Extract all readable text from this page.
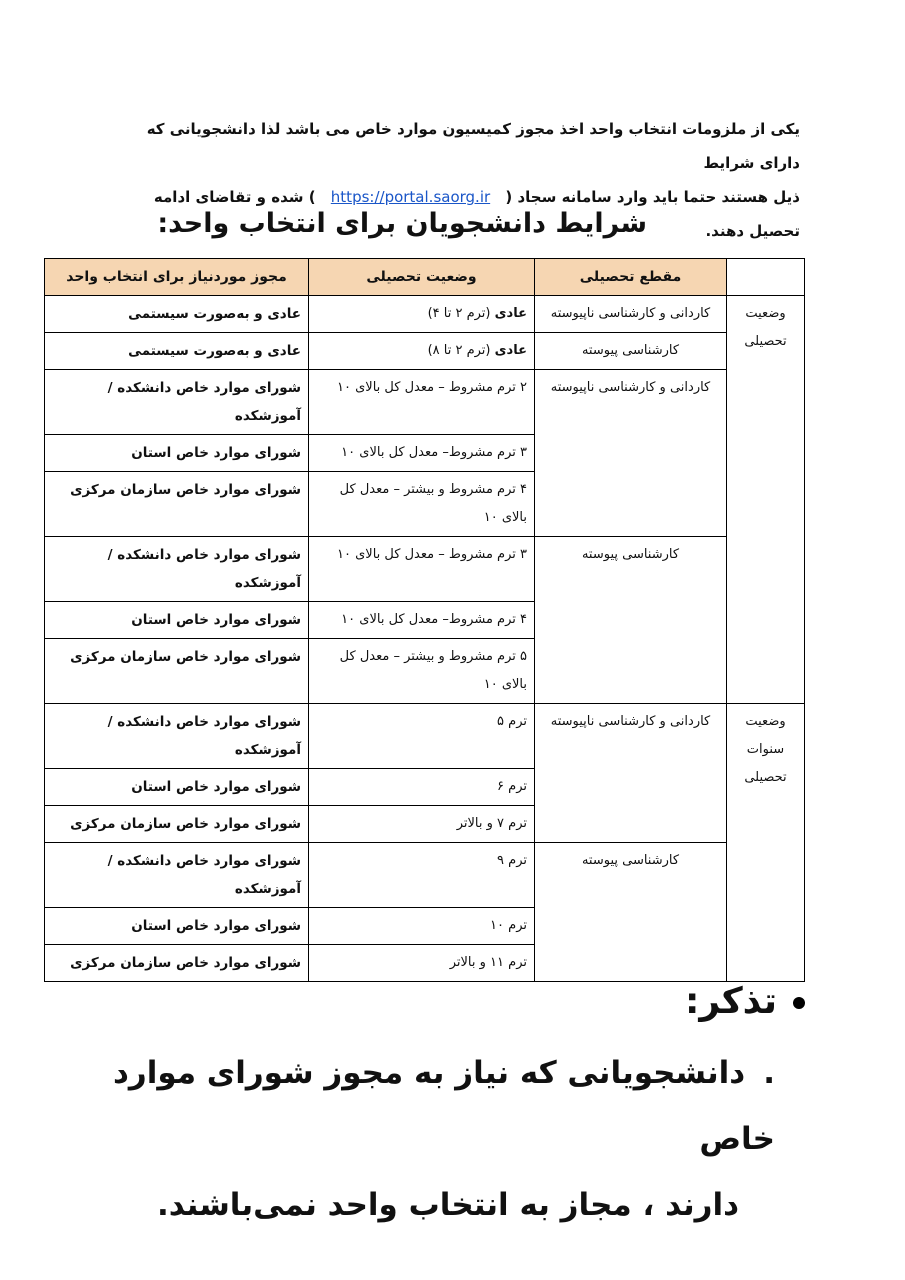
یکی از ملزومات انتخاب واحد اخذ مجوز کمیسیون موارد خاص می باشد لذا دانشجویانی که دارای شرایط

ذیل هستند حتما باید وارد سامانه سجاد ( https://portal.saorg.ir ) شده و تقاضای ادامه تحصیل دهند.

شرایط دانشجویان برای انتخاب واحد:
	مقطع تحصیلی	وضعیت تحصیلی	مجوز موردنیاز برای انتخاب واحد
وضعیت تحصیلی	کاردانی و کارشناسی ناپیوسته	عادی (ترم ۲ تا ۴)	عادی و به‌صورت سیستمی
	کارشناسی پیوسته	عادی (ترم ۲ تا ۸)	عادی و به‌صورت سیستمی
	کاردانی و کارشناسی ناپیوسته	۲ ترم مشروط – معدل کل بالای ۱۰	شورای موارد خاص دانشکده / آموزشکده
		۳ ترم مشروط– معدل کل بالای ۱۰	شورای موارد خاص استان
		۴ ترم مشروط و بیشتر – معدل کل بالای ۱۰	شورای موارد خاص سازمان مرکزی
	کارشناسی پیوسته	۳ ترم مشروط – معدل کل بالای ۱۰	شورای موارد خاص دانشکده / آموزشکده
		۴ ترم مشروط– معدل کل بالای ۱۰	شورای موارد خاص استان
		۵ ترم مشروط و بیشتر – معدل کل بالای ۱۰	شورای موارد خاص سازمان مرکزی

وضعیت
سنوات
تحصیلی	کاردانی و کارشناسی ناپیوسته	ترم ۵	شورای موارد خاص دانشکده / آموزشکده
		ترم ۶	شورای موارد خاص استان
		ترم ۷ و بالاتر	شورای موارد خاص سازمان مرکزی
	کارشناسی پیوسته	ترم ۹	شورای موارد خاص دانشکده / آموزشکده
		ترم ۱۰	شورای موارد خاص استان
		ترم ۱۱ و بالاتر	شورای موارد خاص سازمان مرکزی
تذکر:
.دانشجویانی که نیاز به مجوز شورای موارد خاص
دارند ، مجاز به انتخاب واحد نمی‌باشند.
